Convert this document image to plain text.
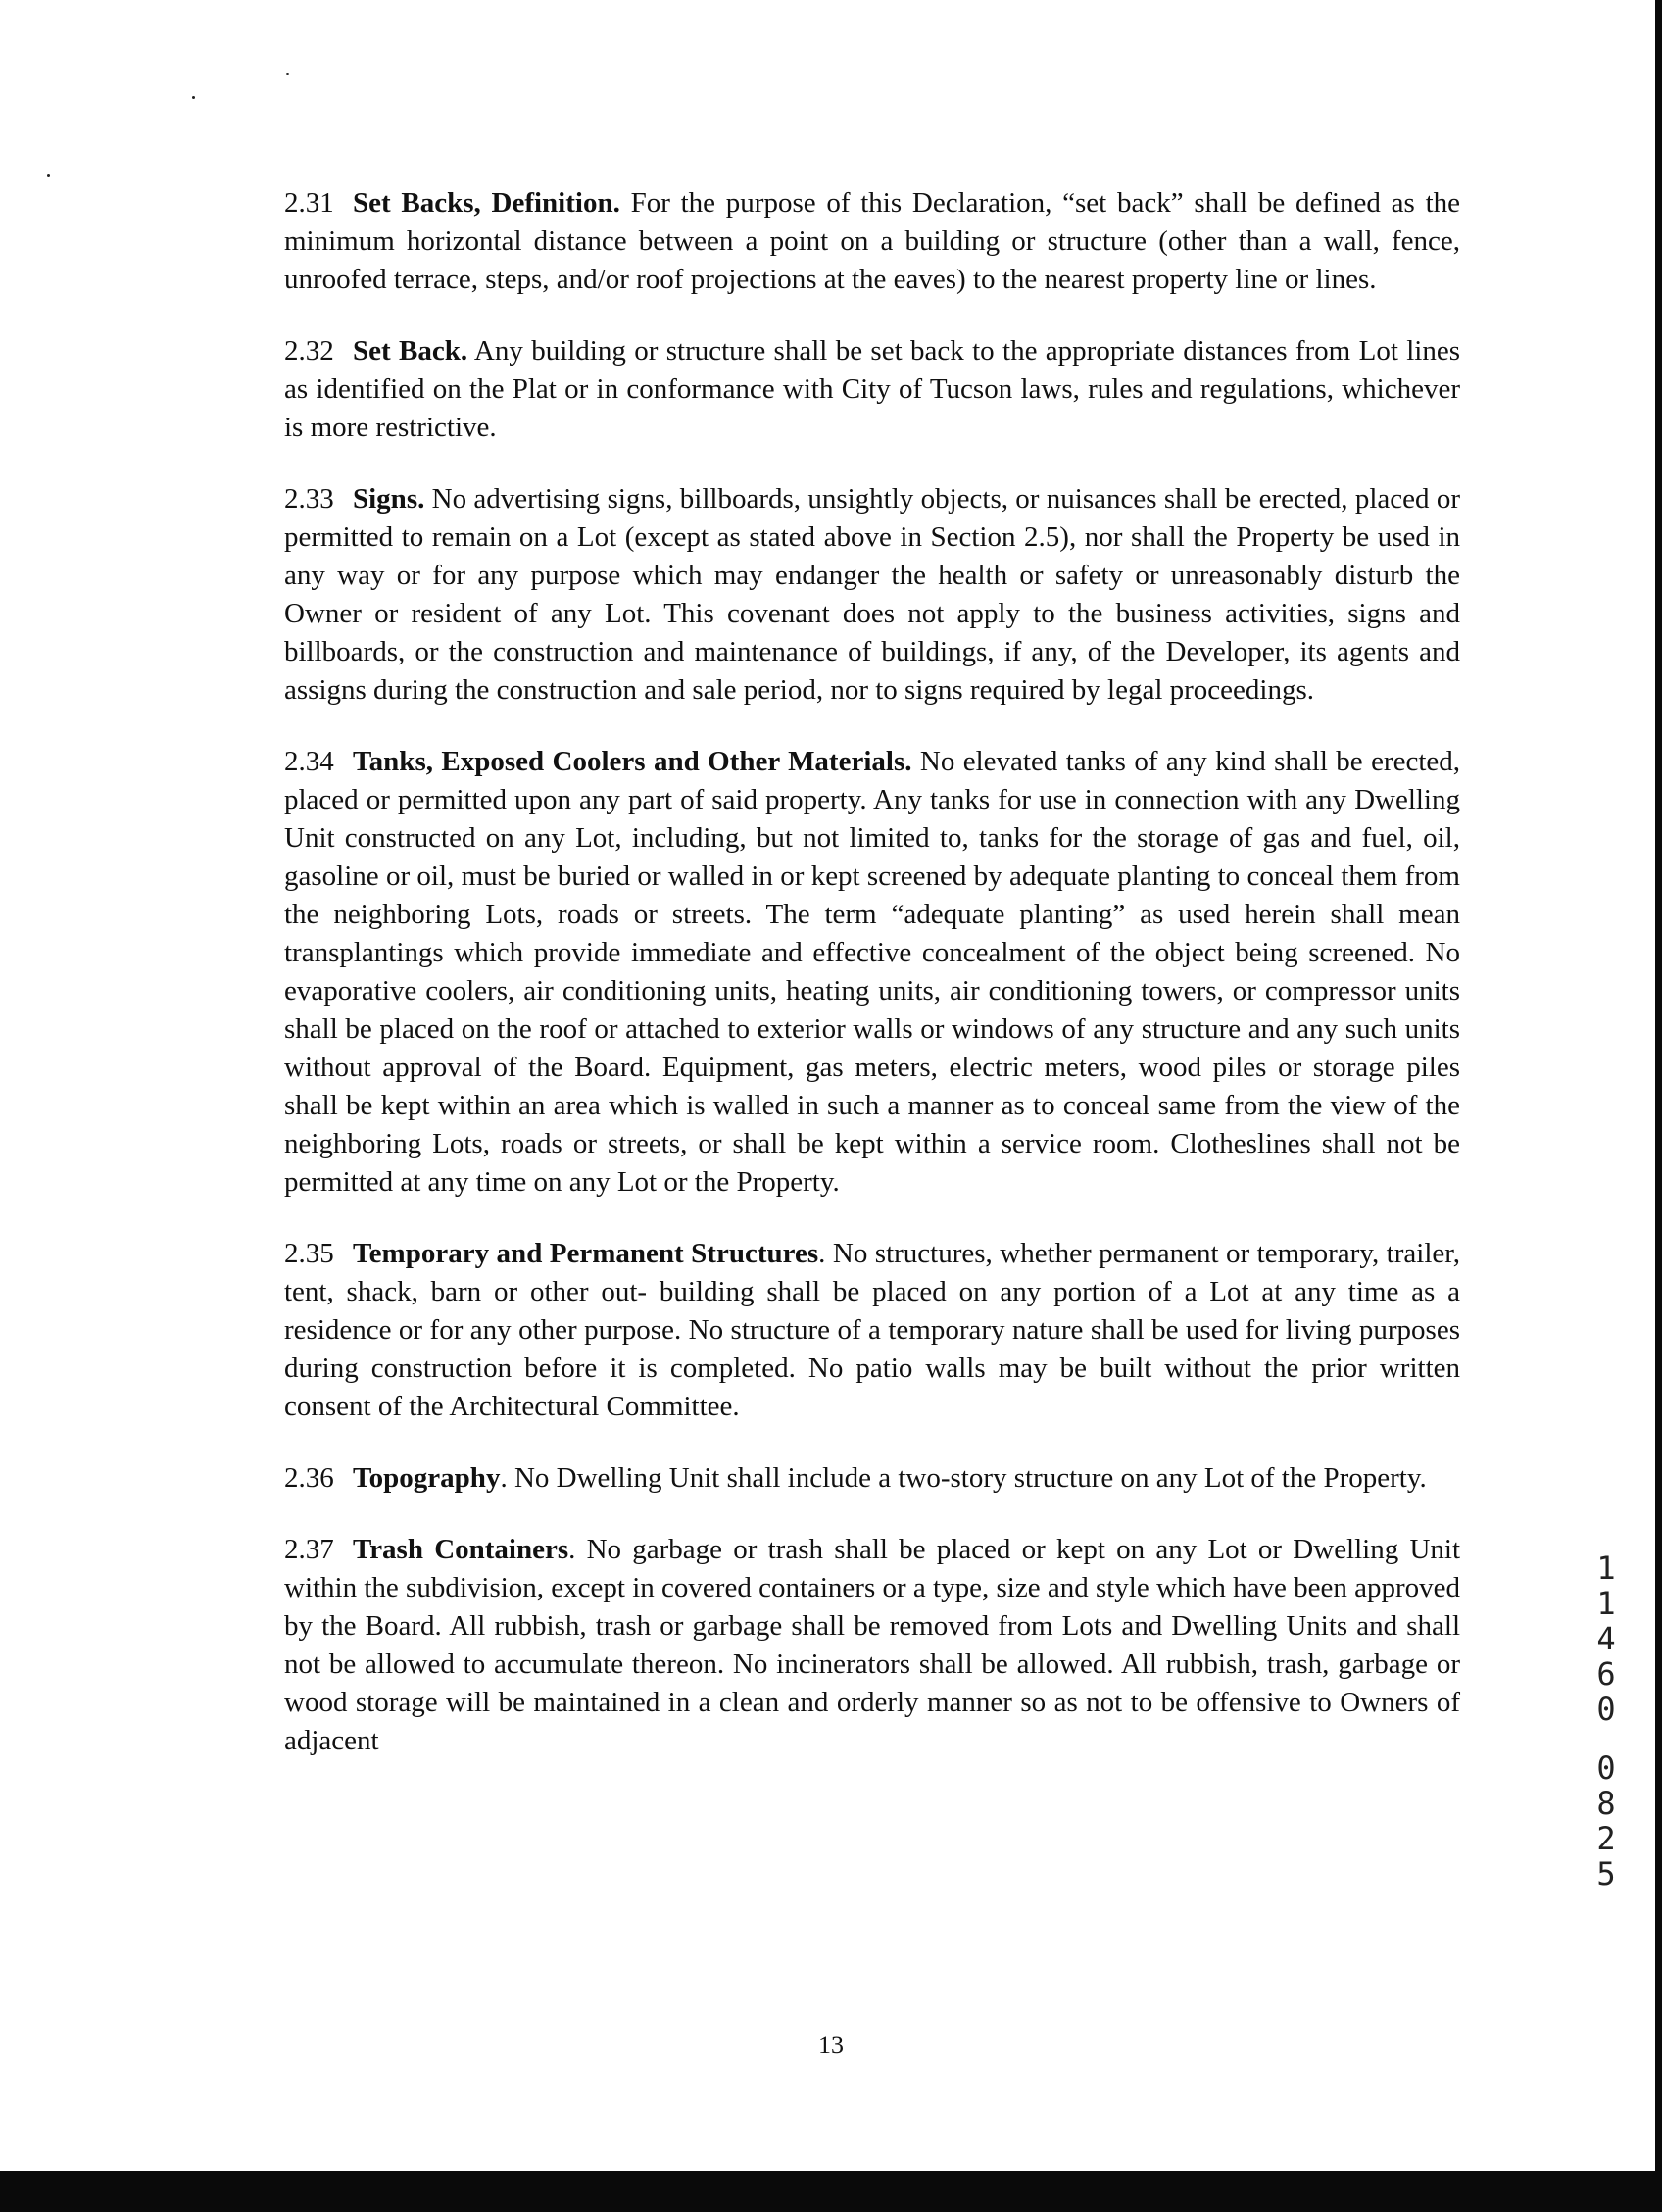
2.31 Set Backs, Definition. For the purpose of this Declaration, “set back” shall be defined as the minimum horizontal distance between a point on a building or structure (other than a wall, fence, unroofed terrace, steps, and/or roof projections at the eaves) to the nearest property line or lines.

2.32 Set Back. Any building or structure shall be set back to the appropriate distances from Lot lines as identified on the Plat or in conformance with City of Tucson laws, rules and regulations, whichever is more restrictive.

2.33 Signs. No advertising signs, billboards, unsightly objects, or nuisances shall be erected, placed or permitted to remain on a Lot (except as stated above in Section 2.5), nor shall the Property be used in any way or for any purpose which may endanger the health or safety or unreasonably disturb the Owner or resident of any Lot. This covenant does not apply to the business activities, signs and billboards, or the construction and maintenance of buildings, if any, of the Developer, its agents and assigns during the construction and sale period, nor to signs required by legal proceedings.

2.34 Tanks, Exposed Coolers and Other Materials. No elevated tanks of any kind shall be erected, placed or permitted upon any part of said property. Any tanks for use in connection with any Dwelling Unit constructed on any Lot, including, but not limited to, tanks for the storage of gas and fuel, oil, gasoline or oil, must be buried or walled in or kept screened by adequate planting to conceal them from the neighboring Lots, roads or streets. The term “adequate planting” as used herein shall mean transplantings which provide immediate and effective concealment of the object being screened. No evaporative coolers, air conditioning units, heating units, air conditioning towers, or compressor units shall be placed on the roof or attached to exterior walls or windows of any structure and any such units without approval of the Board. Equipment, gas meters, electric meters, wood piles or storage piles shall be kept within an area which is walled in such a manner as to conceal same from the view of the neighboring Lots, roads or streets, or shall be kept within a service room. Clotheslines shall not be permitted at any time on any Lot or the Property.

2.35 Temporary and Permanent Structures. No structures, whether permanent or temporary, trailer, tent, shack, barn or other out- building shall be placed on any portion of a Lot at any time as a residence or for any other purpose. No structure of a temporary nature shall be used for living purposes during construction before it is completed. No patio walls may be built without the prior written consent of the Architectural Committee.

2.36 Topography. No Dwelling Unit shall include a two-story structure on any Lot of the Property.

2.37 Trash Containers. No garbage or trash shall be placed or kept on any Lot or Dwelling Unit within the subdivision, except in covered containers or a type, size and style which have been approved by the Board. All rubbish, trash or garbage shall be removed from Lots and Dwelling Units and shall not be allowed to accumulate thereon. No incinerators shall be allowed. All rubbish, trash, garbage or wood storage will be maintained in a clean and orderly manner so as not to be offensive to Owners of adjacent

1
1
4
6
0
0
8
2
5
13
